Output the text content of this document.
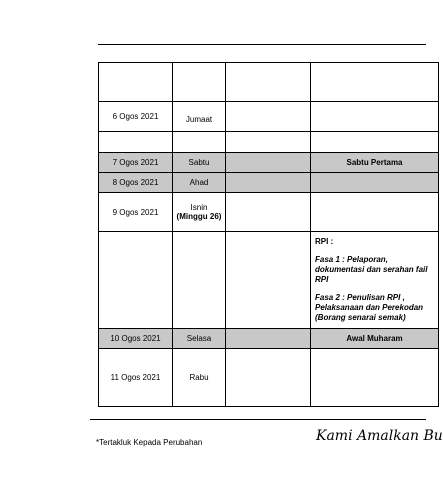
6 Ogos 2021	Jumaat		

7 Ogos 2021	Sabtu		Sabtu Pertama
8 Ogos 2021	Ahad		
9 Ogos 2021	Isnin
(Minggu 26)		

			RPI :

Fasa 1 : Pelaporan, dokumentasi dan serahan fail RPI

Fasa 2 : Penulisan RPI , Pelaksanaan dan Perekodan (Borang senarai semak)

10 Ogos 2021	Selasa		Awal Muharam
11 Ogos 2021	Rabu		
*Tertakluk Kepada Perubahan	Kami Amalkan Bu
